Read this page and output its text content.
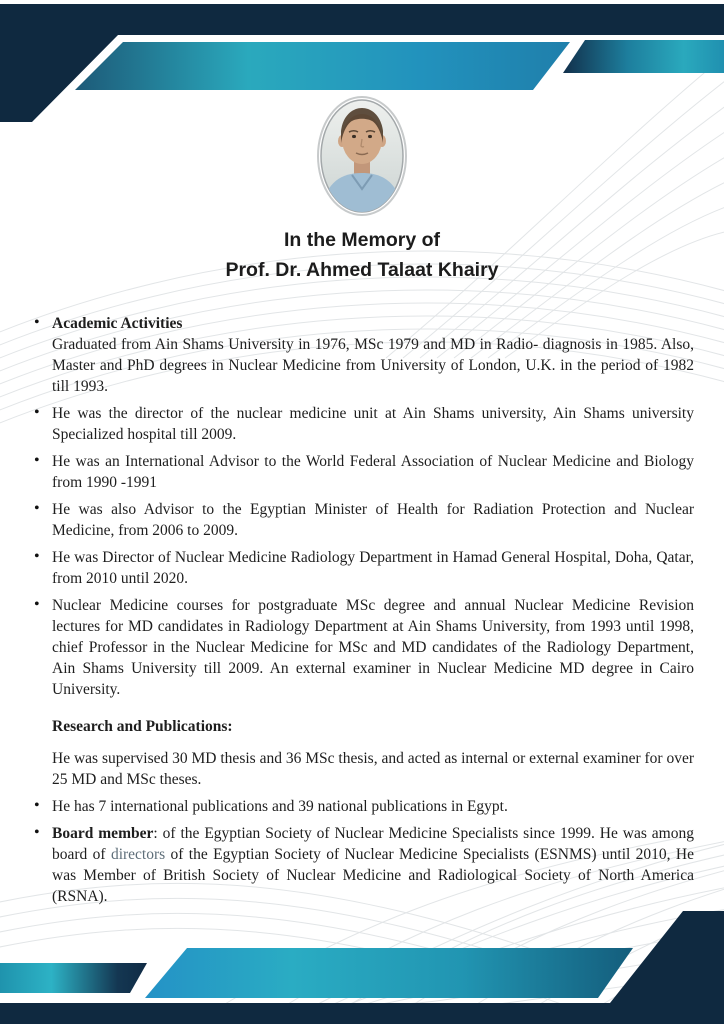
In the Memory of
Prof. Dr. Ahmed Talaat Khairy
• Academic Activities
Graduated from Ain Shams University in 1976, MSc 1979 and MD in Radio- diagnosis in 1985. Also, Master and PhD degrees in Nuclear Medicine from University of London, U.K. in the period of 1982 till 1993.
• He was the director of the nuclear medicine unit at Ain Shams university, Ain Shams university Specialized hospital till 2009.
• He was an International Advisor to the World Federal Association of Nuclear Medicine and Biology from 1990 -1991
• He was also Advisor to the Egyptian Minister of Health for Radiation Protection and Nuclear Medicine, from 2006 to 2009.
• He was Director of Nuclear Medicine Radiology Department in Hamad General Hospital, Doha, Qatar, from 2010 until 2020.
• Nuclear Medicine courses for postgraduate MSc degree and annual Nuclear Medicine Revision lectures for MD candidates in Radiology Department at Ain Shams University, from 1993 until 1998, chief Professor in the Nuclear Medicine for MSc and MD candidates of the Radiology Department, Ain Shams University till 2009. An external examiner in Nuclear Medicine MD degree in Cairo University.
Research and Publications:
He was supervised 30 MD thesis and 36 MSc thesis, and acted as internal or external examiner for over 25 MD and MSc theses.
• He has 7 international publications and 39 national publications in Egypt.
• Board member: of the Egyptian Society of Nuclear Medicine Specialists since 1999. He was among board of directors of the Egyptian Society of Nuclear Medicine Specialists (ESNMS) until 2010, He was Member of British Society of Nuclear Medicine and Radiological Society of North America (RSNA).
